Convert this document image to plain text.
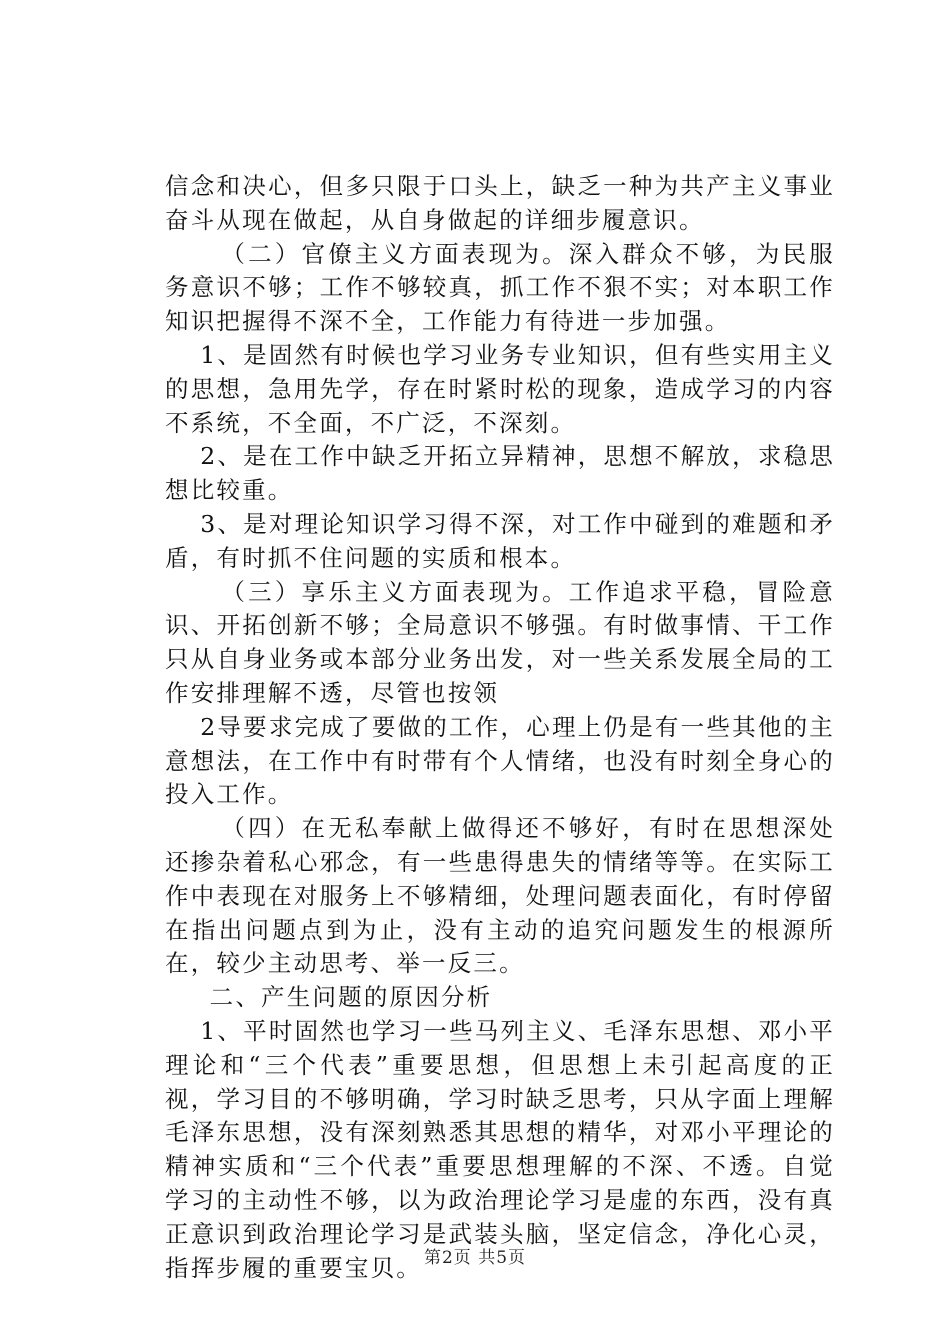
信念和决心，但多只限于口头上，缺乏一种为共产主义事业奋斗从现在做起，从自身做起的详细步履意识。

（二）官僚主义方面表现为。深入群众不够，为民服务意识不够；工作不够较真，抓工作不狠不实；对本职工作知识把握得不深不全，工作能力有待进一步加强。

1、是固然有时候也学习业务专业知识，但有些实用主义的思想，急用先学，存在时紧时松的现象，造成学习的内容不系统，不全面，不广泛，不深刻。

2、是在工作中缺乏开拓立异精神，思想不解放，求稳思想比较重。

3、是对理论知识学习得不深，对工作中碰到的难题和矛盾，有时抓不住问题的实质和根本。

（三）享乐主义方面表现为。工作追求平稳，冒险意识、开拓创新不够；全局意识不够强。有时做事情、干工作只从自身业务或本部分业务出发，对一些关系发展全局的工作安排理解不透，尽管也按领

2导要求完成了要做的工作，心理上仍是有一些其他的主意想法，在工作中有时带有个人情绪，也没有时刻全身心的投入工作。

（四）在无私奉献上做得还不够好，有时在思想深处还掺杂着私心邪念，有一些患得患失的情绪等等。在实际工作中表现在对服务上不够精细，处理问题表面化，有时停留在指出问题点到为止，没有主动的追究问题发生的根源所在，较少主动思考、举一反三。

二、产生问题的原因分析

1、平时固然也学习一些马列主义、毛泽东思想、邓小平理论和“三个代表”重要思想，但思想上未引起高度的正视，学习目的不够明确，学习时缺乏思考，只从字面上理解毛泽东思想，没有深刻熟悉其思想的精华，对邓小平理论的精神实质和“三个代表”重要思想理解的不深、不透。自觉学习的主动性不够，以为政治理论学习是虚的东西，没有真正意识到政治理论学习是武装头脑，坚定信念，净化心灵，指挥步履的重要宝贝。 第2页 共5页
